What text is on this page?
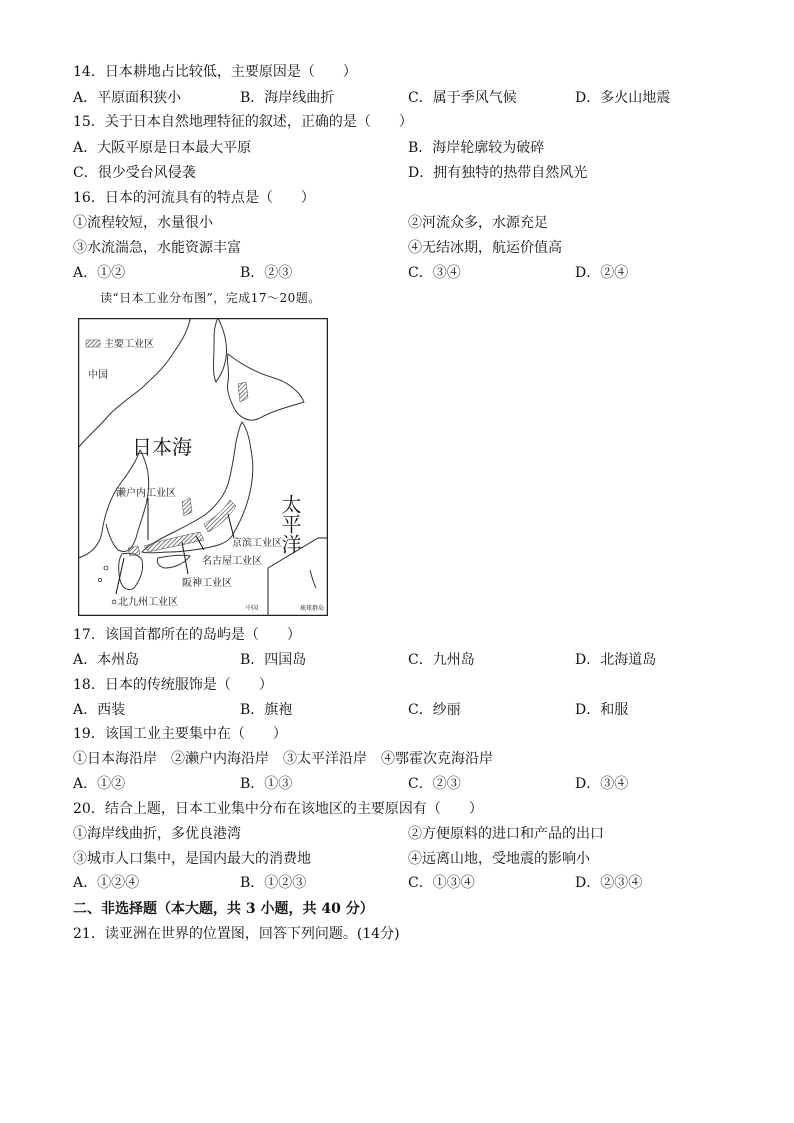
14．日本耕地占比较低，主要原因是（　　）
A．平原面积狭小	B．海岸线曲折	C．属于季风气候	D．多火山地震
15．关于日本自然地理特征的叙述，正确的是（　　）
A．大阪平原是日本最大平原	B．海岸轮廓较为破碎
C．很少受台风侵袭	D．拥有独特的热带自然风光
16．日本的河流具有的特点是（　　）
①流程较短，水量很小	②河流众多，水源充足
③水流湍急，水能资源丰富	④无结冰期，航运价值高
A．①②	B．②③	C．③④	D．②④
读“日本工业分布图”，完成17～20题。
主要工业区
中国
日本海
濑户内工业区
京滨工业区
名古屋工业区
阪神工业区
北九州工业区
中国	琉球群岛
太平洋
17．该国首都所在的岛屿是（　　）
A．本州岛	B．四国岛	C．九州岛	D．北海道岛
18．日本的传统服饰是（　　）
A．西装	B．旗袍	C．纱丽	D．和服
19．该国工业主要集中在（　　）
①日本海沿岸　②濑户内海沿岸　③太平洋沿岸　④鄂霍次克海沿岸
A．①②	B．①③	C．②③	D．③④
20．结合上题，日本工业集中分布在该地区的主要原因有（　　）
①海岸线曲折，多优良港湾	②方便原料的进口和产品的出口
③城市人口集中，是国内最大的消费地	④远离山地，受地震的影响小
A．①②④	B．①②③	C．①③④	D．②③④
二、非选择题（本大题，共 3 小题，共 40 分）
21．读亚洲在世界的位置图，回答下列问题。(14分)
